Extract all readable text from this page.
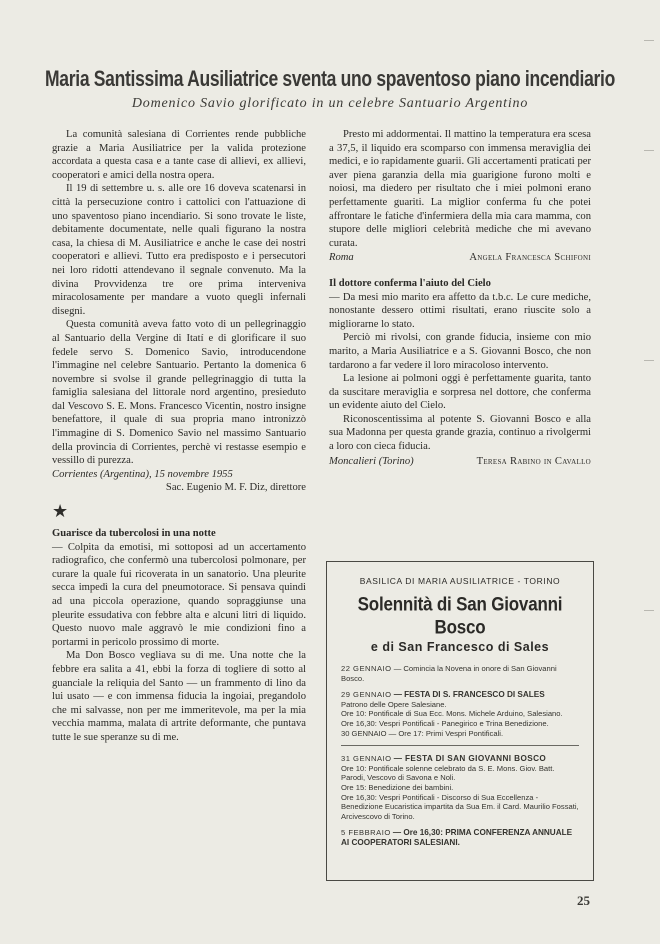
Maria Santissima Ausiliatrice sventa uno spaventoso piano incendiario
Domenico Savio glorificato in un celebre Santuario Argentino

La comunità salesiana di Corrientes rende pubbliche grazie a Maria Ausiliatrice per la valida protezione accordata a questa casa e a tante case di allievi, ex allievi, cooperatori e amici della nostra opera.

Il 19 di settembre u. s. alle ore 16 doveva scatenarsi in città la persecuzione contro i cattolici con l'attuazione di uno spaventoso piano incendiario. Si sono trovate le liste, debitamente documentate, nelle quali figurano la nostra casa, la chiesa di M. Ausiliatrice e anche le case dei nostri cooperatori e allievi. Tutto era predisposto e i persecutori nei loro ridotti attendevano il segnale convenuto. Ma la divina Provvidenza tre ore prima interveniva miracolosamente per mandare a vuoto quegli infernali disegni.

Questa comunità aveva fatto voto di un pellegrinaggio al Santuario della Vergine di Itatí e di glorificare il suo fedele servo S. Domenico Savio, introducendone l'immagine nel celebre Santuario. Pertanto la domenica 6 novembre si svolse il grande pellegrinaggio di tutta la famiglia salesiana del littorale nord argentino, presieduto dal Vescovo S. E. Mons. Francesco Vicentin, nostro insigne benefattore, il quale di sua propria mano intronizzò l'immagine di S. Domenico Savio nel massimo Santuario della provincia di Corrientes, perchè vi restasse esempio e vessillo di purezza.

Corrientes (Argentina), 15 novembre 1955

Sac. Eugenio M. F. Diz, direttore

★

Guarisce da tubercolosi in una notte

— Colpita da emotisi, mi sottoposi ad un accertamento radiografico, che confermò una tubercolosi polmonare, per curare la quale fui ricoverata in un sanatorio. Una pleurite secca impedì la cura del pneumotorace. Si pensava quindi ad una piccola operazione, quando sopraggiunse una pleurite essudativa con febbre alta e alcuni litri di liquido. Questo nuovo male aggravò le mie condizioni fino a portarmi in pericolo prossimo di morte.

Ma Don Bosco vegliava su di me. Una notte che la febbre era salita a 41, ebbi la forza di togliere di sotto al guanciale la reliquia del Santo — un frammento di lino da lui usato — e con immensa fiducia la ingoiai, pregandolo che mi salvasse, non per me immeritevole, ma per la mia vecchia mamma, malata di artrite deformante, che puntava tutte le sue speranze su di me.

Presto mi addormentai. Il mattino la temperatura era scesa a 37,5, il liquido era scomparso con immensa meraviglia dei medici, e io rapidamente guarii. Gli accertamenti praticati per aver piena garanzia della mia guarigione furono molti e noiosi, ma diedero per risultato che i miei polmoni erano perfettamente guariti. La miglior conferma fu che potei affrontare le fatiche d'infermiera della mia cara mamma, con stupore delle migliori celebrità mediche che mi avevano curata.

Roma	Angela Francesca Schifoni

Il dottore conferma l'aiuto del Cielo

— Da mesi mio marito era affetto da t.b.c. Le cure mediche, nonostante dessero ottimi risultati, erano riuscite solo a migliorarne lo stato.

Perciò mi rivolsi, con grande fiducia, insieme con mio marito, a Maria Ausiliatrice e a S. Giovanni Bosco, che non tardarono a far vedere il loro miracoloso intervento.

La lesione ai polmoni oggi è perfettamente guarita, tanto da suscitare meraviglia e sorpresa nel dottore, che conferma un evidente aiuto del Cielo.

Riconoscentissima al potente S. Giovanni Bosco e alla sua Madonna per questa grande grazia, continuo a rivolgermi a loro con cieca fiducia.

Moncalieri (Torino)	Teresa Rabino in Cavallo
BASILICA DI MARIA AUSILIATRICE - TORINO
Solennità di San Giovanni Bosco
e di San Francesco di Sales
22 GENNAIO — Comincia la Novena in onore di San Giovanni Bosco.
29 GENNAIO — FESTA DI S. FRANCESCO DI SALES
Patrono delle Opere Salesiane.
Ore 10: Pontificale di Sua Ecc. Mons. Michele Arduino, Salesiano.
Ore 16,30: Vespri Pontificali - Panegirico e Trina Benedizione.
30 GENNAIO — Ore 17: Primi Vespri Pontificali.
31 GENNAIO — FESTA DI SAN GIOVANNI BOSCO
Ore 10: Pontificale solenne celebrato da S. E. Mons. Giov. Batt. Parodi, Vescovo di Savona e Noli.
Ore 15: Benedizione dei bambini.
Ore 16,30: Vespri Pontificali - Discorso di Sua Eccellenza - Benedizione Eucaristica impartita da Sua Em. il Card. Maurilio Fossati, Arcivescovo di Torino.
5 FEBBRAIO — Ore 16,30: PRIMA CONFERENZA ANNUALE AI COOPERATORI SALESIANI.
25
